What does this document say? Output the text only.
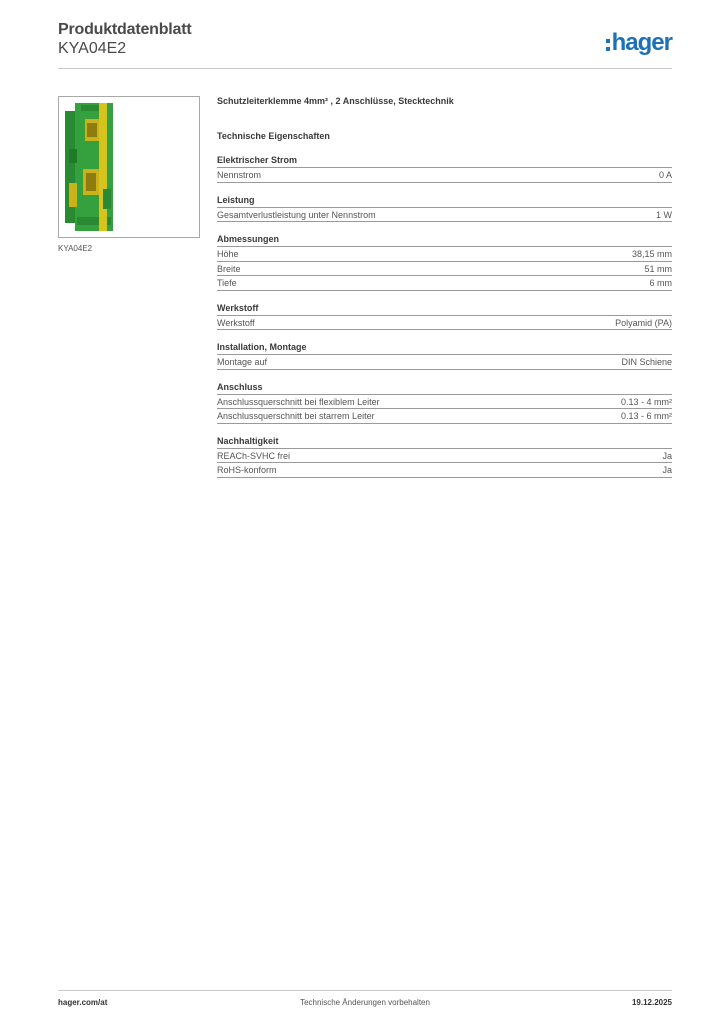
Produktdatenblatt
KYA04E2	hager
KYA04E2
Schutzleiterklemme 4mm² , 2 Anschlüsse, Stecktechnik
Technische Eigenschaften
Elektrischer Strom
Nennstrom	0 A
Leistung
Gesamtverlustleistung unter Nennstrom	1 W
Abmessungen
Höhe	38,15 mm
Breite	51 mm
Tiefe	6 mm
Werkstoff
Werkstoff	Polyamid (PA)
Installation, Montage
Montage auf	DIN Schiene
Anschluss
Anschlussquerschnitt bei flexiblem Leiter	0.13 - 4 mm²
Anschlussquerschnitt bei starrem Leiter	0.13 - 6 mm²
Nachhaltigkeit
REACh-SVHC frei	Ja
RoHS-konform	Ja
hager.com/at	Technische Änderungen vorbehalten	19.12.2025
